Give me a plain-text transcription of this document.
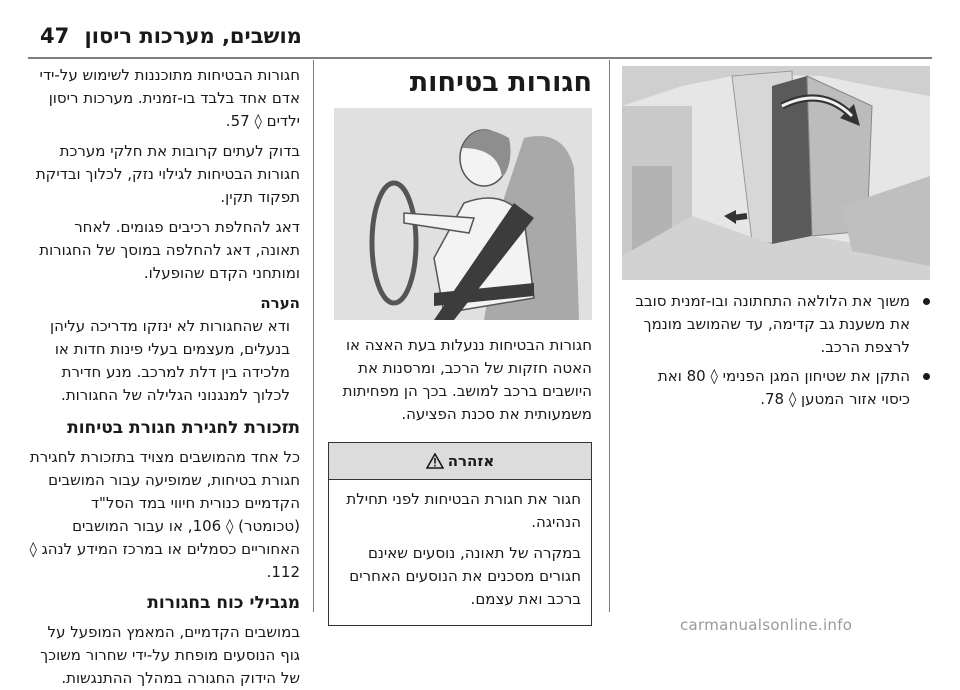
47 מושבים, מערכות ריסון
משוך את הלולאה התחתונה ובו-זמנית סובב את משענת גב קדימה, עד שהמושב מונמך לרצפת הרכב.
התקן את שטיחון המגן הפנימי ◊ 80 ואת כיסוי אזור המטען ◊ 78.
חגורות בטיחות

חגורות הבטיחות ננעלות בעת האצה או האטה חזקות של הרכב, ומרסנות את היושבים ברכב למושב. בכך הן מפחיתות משמעותית את סכנת הפציעה.

אזהרה

חגור את חגורת הבטיחות לפני תחילת הנהיגה.

במקרה של תאונה, נוסעים שאינם חגורים מסכנים את הנוסעים האחרים ברכב ואת עצמם.

חגורות הבטיחות מתוכננות לשימוש על-ידי אדם אחד בלבד בו-זמנית. מערכות ריסון ילדים ◊ 57.

בדוק לעתים קרובות את חלקי מערכת חגורות הבטיחות לגילוי נזק, לכלוך ובדיקת תפקוד תקין.

דאג להחלפת רכיבים פגומים. לאחר תאונה, דאג להחלפה במוסך של החגורות ומותחני הקדם שהופעלו.

הערה

ודא שהחגורות לא ינזקו מדריכה עליהן בנעלים, מעצמים בעלי פינות חדות או מלכידה בין דלת למרכב. מנע חדירת לכלוך למנגנוני הגלילה של החגורות.

תזכורת לחגירת חגורת בטיחות

כל אחד מהמושבים מצויד בתזכורת לחגירת חגורת בטיחות, שמופיעה עבור המושבים הקדמיים כנורית חיווי במד הסל"ד (טכומטר) ◊ 106, או עבור המושבים האחוריים כסמלים או במרכז המידע לנהג ◊ 112.

מגבילי כוח בחגורות

במושבים הקדמיים, המאמץ המופעל על גוף הנוסעים מופחת על-ידי שחרור משוכך של הידוק החגורה במהלך ההתנגשות.

carmanualsonline.info
